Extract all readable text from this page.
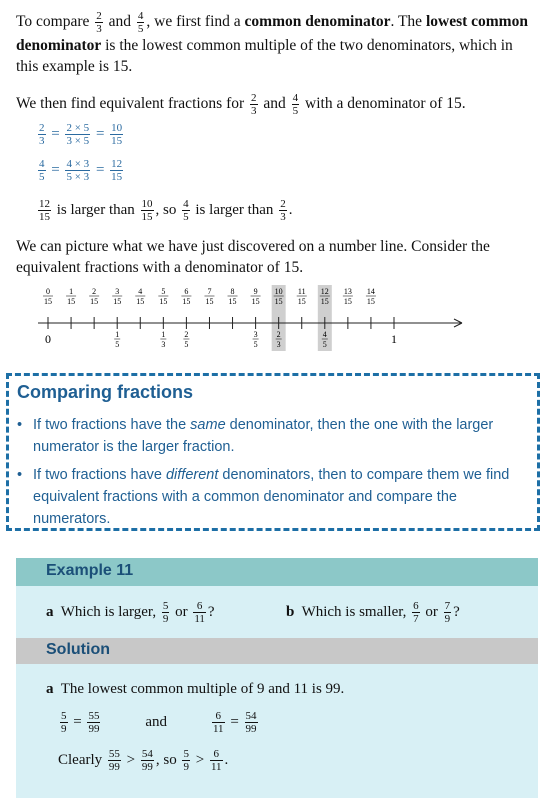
To compare $\frac{2}{3}$ and $\frac{4}{5}$ , we first find a common denominator. The lowest common denominator is the lowest common multiple of the two denominators, which in this example is 15.

We then find equivalent fractions for $\frac{2}{3}$ and $\frac{4}{5}$ with a denominator of 15.

$\frac{2}{3} = \frac{2 \times 5}{3 \times 5} = \frac{10}{15}$
$\frac{4}{5} = \frac{4 \times 3}{5 \times 3} = \frac{12}{15}$
$\frac{12}{15}$ is larger than $\frac{10}{15}$ , so $\frac{4}{5}$ is larger than $\frac{2}{3}$ .

We can picture what we have just discovered on a number line. Consider the equivalent fractions with a denominator of 15.

0
15
1
15
2
15
3
15
4
15
5
15
6
15
7
15
8
15
9
15
10
15
11
15
12
15
13
15
14
15
0	1
1
5
1
3
2
5
3
5
2
3
4
5
Comparing fractions
• If two fractions have the same denominator, then the one with the larger numerator is the larger fraction.
• If two fractions have different denominators, then to compare them we find equivalent fractions with a common denominator and compare the numerators.
Example 11
a Which is larger, $\frac{5}{9}$ or $\frac{6}{11}$ ?	b Which is smaller, $\frac{6}{7}$ or $\frac{7}{9}$ ?
Solution
a The lowest common multiple of 9 and 11 is 99.
$\frac{5}{9} = \frac{55}{99}$	and	$\frac{6}{11} = \frac{54}{99}$
Clearly $\frac{55}{99} > \frac{54}{99}$ , so $\frac{5}{9} > \frac{6}{11}$ .
